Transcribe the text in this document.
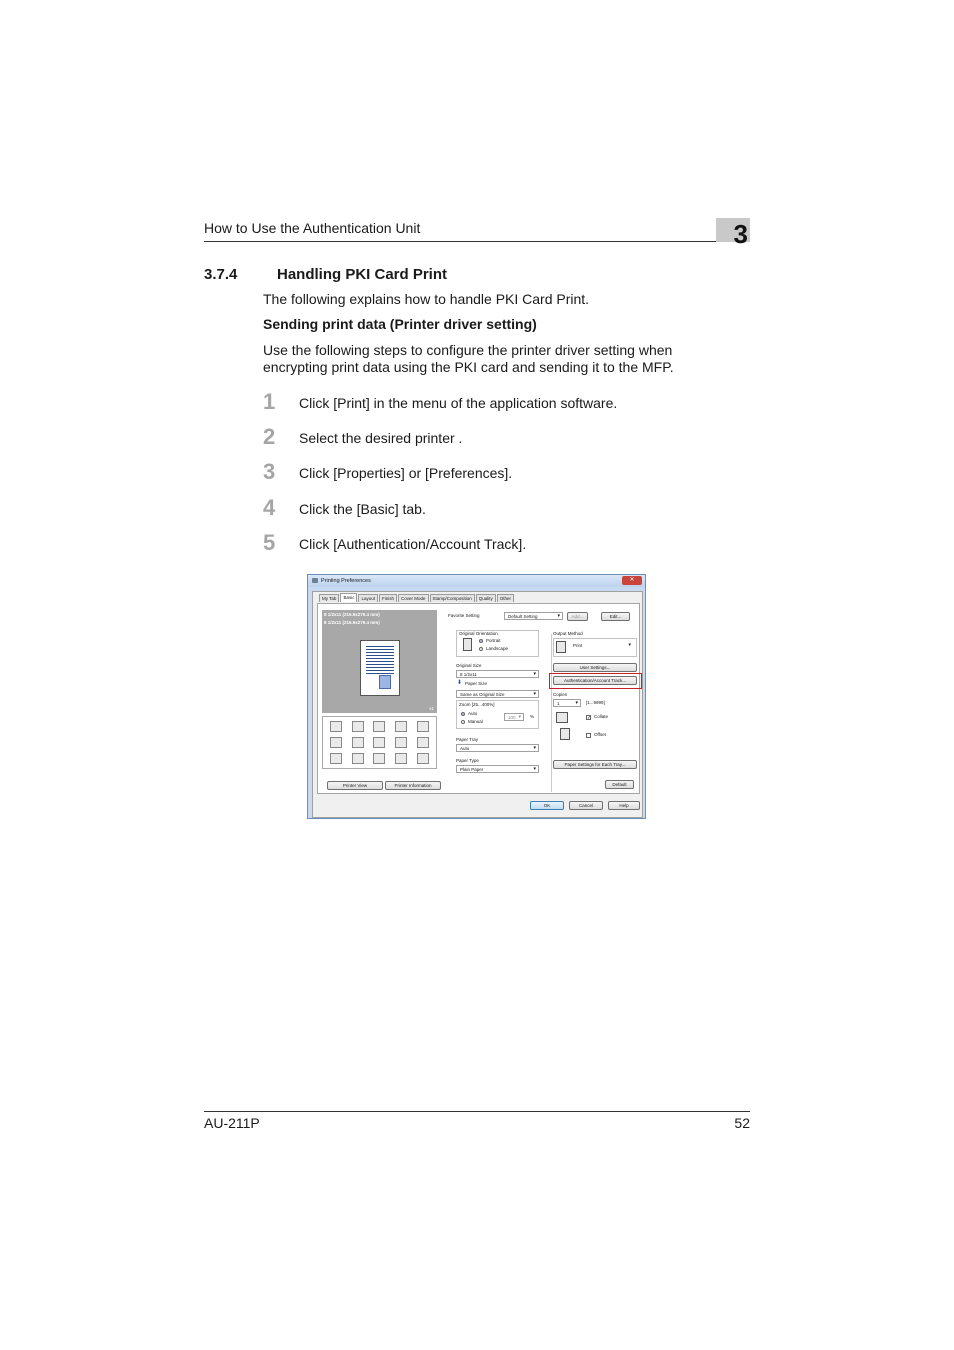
How to Use the Authentication Unit	3
3.7.4	Handling PKI Card Print
The following explains how to handle PKI Card Print.
Sending print data (Printer driver setting)
Use the following steps to configure the printer driver setting when encrypting print data using the PKI card and sending it to the MFP.
1 Click [Print] in the menu of the application software.
2 Select the desired printer .
3 Click [Properties] or [Preferences].
4 Click the [Basic] tab.
5 Click [Authentication/Account Track].
Printing Preferences	✕
My Tab	Basic	Layout	Finish	Cover Mode	Stamp/Composition	Quality	Other
8 1/2x11 (215.9x279.4 mm)
8 1/2x11 (215.9x279.4 mm)
x1
Printer View	Printer Information
Favorite Setting	Default Setting ▾	Add...	Edit...
Original Orientation
Portrait
Landscape
Original Size
8 1/2x11 ▾
⬇ Paper Size
Same as Original Size ▾
Zoom [25...400%]
Auto
Manual
100 ▾	%
Paper Tray
Auto ▾
Paper Type
Plain Paper ▾
Output Method
Print ▾
User Settings...
Authentication/Account Track...
Copies
1 ▾	[1...9999]
✓ Collate
Offset
Paper Settings for Each Tray...
Default
OK	Cancel	Help
AU-211P	52
